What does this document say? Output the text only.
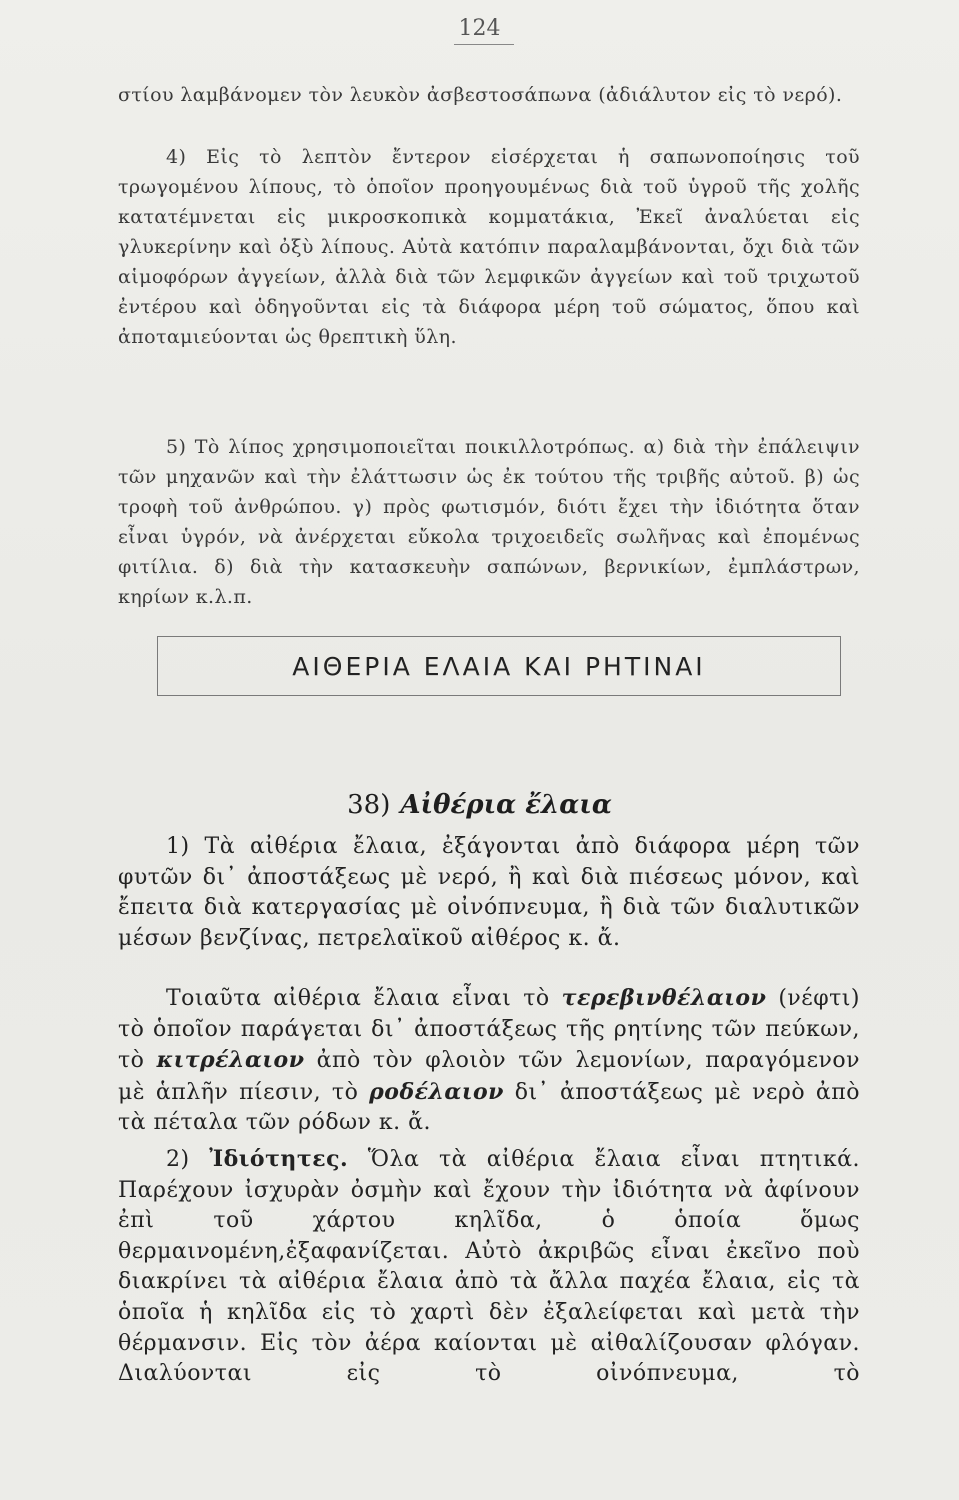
124
στίου λαμβάνομεν τὸν λευκὸν ἀσβεστοσάπωνα (ἀδιάλυτον εἰς τὸ νερό).
4) Εἰς τὸ λεπτὸν ἔντερον εἰσέρχεται ἡ σαπωνοποίησις τοῦ τρωγομένου λίπους, τὸ ὁποῖον προηγουμένως διὰ τοῦ ὑγροῦ τῆς χολῆς κατατέμνεται εἰς μικροσκοπικὰ κομματάκια, Ἐκεῖ ἀναλύεται εἰς γλυκερίνην καὶ ὀξὺ λίπους. Αὐτὰ κατόπιν παραλαμβάνονται, ὄχι διὰ τῶν αἱμοφόρων ἀγγείων, ἀλλὰ διὰ τῶν λεμφικῶν ἀγγείων καὶ τοῦ τριχωτοῦ ἐντέρου καὶ ὁδηγοῦνται εἰς τὰ διάφορα μέρη τοῦ σώματος, ὅπου καὶ ἀποταμιεύονται ὡς θρεπτικὴ ὕλη.
5) Τὸ λίπος χρησιμοποιεῖται ποικιλλοτρόπως. α) διὰ τὴν ἐπάλειψιν τῶν μηχανῶν καὶ τὴν ἐλάττωσιν ὡς ἐκ τούτου τῆς τριβῆς αὐτοῦ. β) ὡς τροφὴ τοῦ ἀνθρώπου. γ) πρὸς φωτισμόν, διότι ἔχει τὴν ἰδιότητα ὅταν εἶναι ὑγρόν, νὰ ἀνέρχεται εὔκολα τριχοειδεῖς σωλῆνας καὶ ἐπομένως φιτίλια. δ) διὰ τὴν κατασκευὴν σαπώνων, βερνικίων, ἐμπλάστρων, κηρίων κ.λ.π.
ΑΙΘΕΡΙΑ ΕΛΑΙΑ ΚΑΙ ΡΗΤΙΝΑΙ
38) Αἰθέρια ἔλαια
1) Τὰ αἰθέρια ἔλαια, ἐξάγονται ἀπὸ διάφορα μέρη τῶν φυτῶν δι᾽ ἀποστάξεως μὲ νερό, ἢ καὶ διὰ πιέσεως μόνον, καὶ ἔπειτα διὰ κατεργασίας μὲ οἰνόπνευμα, ἢ διὰ τῶν διαλυτικῶν μέσων βενζίνας, πετρελαϊκοῦ αἰθέρος κ. ἄ.
Τοιαῦτα αἰθέρια ἔλαια εἶναι τὸ τερεβινθέλαιον (νέφτι) τὸ ὁποῖον παράγεται δι᾽ ἀποστάξεως τῆς ρητίνης τῶν πεύκων, τὸ κιτρέλαιον ἀπὸ τὸν φλοιὸν τῶν λεμονίων, παραγόμενον μὲ ἁπλῆν πίεσιν, τὸ ροδέλαιον δι᾽ ἀποστάξεως μὲ νερὸ ἀπὸ τὰ πέταλα τῶν ρόδων κ. ἄ.
2) Ἰδιότητες. Ὅλα τὰ αἰθέρια ἔλαια εἶναι πτητικά. Παρέχουν ἰσχυρὰν ὀσμὴν καὶ ἔχουν τὴν ἰδιότητα νὰ ἀφίνουν ἐπὶ τοῦ χάρτου κηλῖδα, ὁ ὁποία ὅμως θερμαινομένη,ἐξαφανίζεται. Αὐτὸ ἀκριβῶς εἶναι ἐκεῖνο ποὺ διακρίνει τὰ αἰθέρια ἔλαια ἀπὸ τὰ ἄλλα παχέα ἔλαια, εἰς τὰ ὁποῖα ἡ κηλῖδα εἰς τὸ χαρτὶ δὲν ἐξαλείφεται καὶ μετὰ τὴν θέρμανσιν. Εἰς τὸν ἀέρα καίονται μὲ αἰθαλίζουσαν φλόγαν. Διαλύονται εἰς τὸ οἰνόπνευμα, τὸ
